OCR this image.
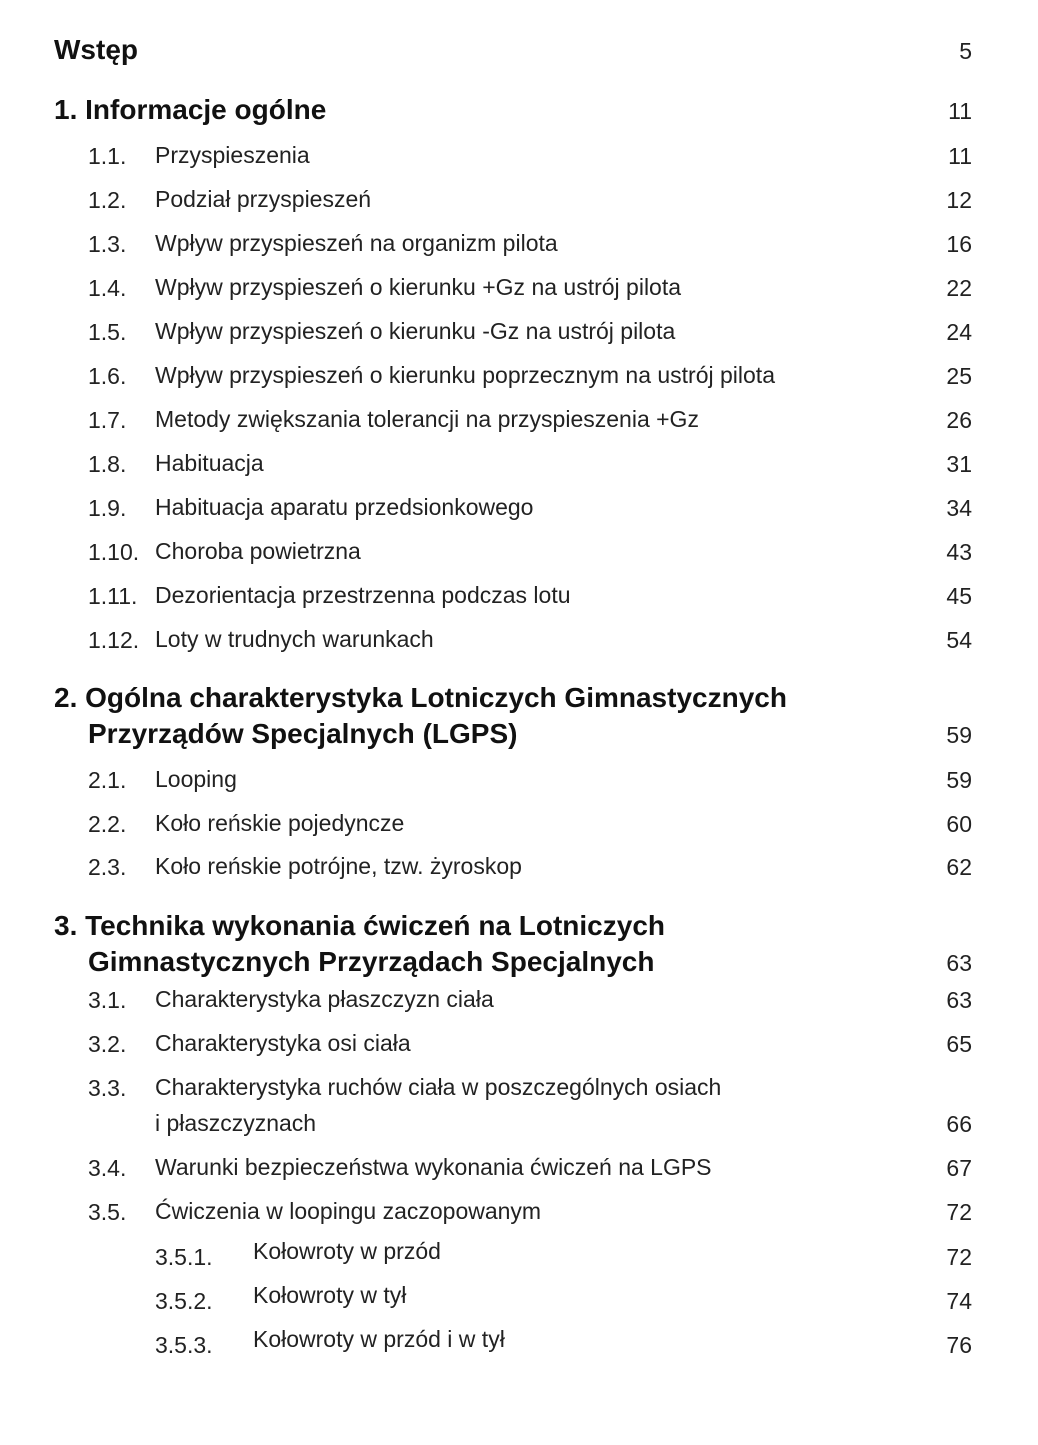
Wstęp	5
1. Informacje ogólne	11
1.1. Przyspieszenia	11
1.2. Podział przyspieszeń	12
1.3. Wpływ przyspieszeń na organizm pilota	16
1.4. Wpływ przyspieszeń o kierunku +Gz na ustrój pilota	22
1.5. Wpływ przyspieszeń o kierunku -Gz na ustrój pilota	24
1.6. Wpływ przyspieszeń o kierunku poprzecznym na ustrój pilota	25
1.7. Metody zwiększania tolerancji na przyspieszenia +Gz	26
1.8. Habituacja	31
1.9. Habituacja aparatu przedsionkowego	34
1.10. Choroba powietrzna	43
1.11. Dezorientacja przestrzenna podczas lotu	45
1.12. Loty w trudnych warunkach	54
2. Ogólna charakterystyka Lotniczych Gimnastycznych
Przyrządów Specjalnych (LGPS)	59
2.1. Looping	59
2.2. Koło reńskie pojedyncze	60
2.3. Koło reńskie potrójne, tzw. żyroskop	62
3. Technika wykonania ćwiczeń na Lotniczych
Gimnastycznych Przyrządach Specjalnych	63
3.1. Charakterystyka płaszczyzn ciała	63
3.2. Charakterystyka osi ciała	65
3.3. Charakterystyka ruchów ciała w poszczególnych osiach
i płaszczyznach	66
3.4. Warunki bezpieczeństwa wykonania ćwiczeń na LGPS	67
3.5. Ćwiczenia w loopingu zaczopowanym	72
3.5.1. Kołowroty w przód	72
3.5.2. Kołowroty w tył	74
3.5.3. Kołowroty w przód i w tył	76
